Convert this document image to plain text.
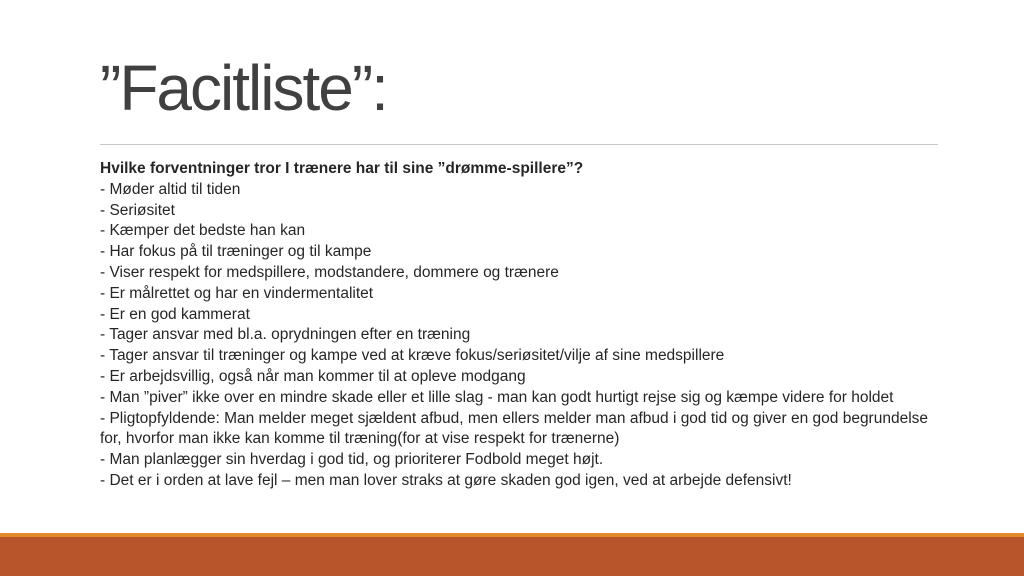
”Facitliste”:
Hvilke forventninger tror I trænere har til sine ”drømme-spillere”?
- Møder altid til tiden
- Seriøsitet
- Kæmper det bedste han kan
- Har fokus på til træninger og til kampe
- Viser respekt for medspillere, modstandere, dommere og trænere
- Er målrettet og har en vindermentalitet
- Er en god kammerat
- Tager ansvar med bl.a. oprydningen efter en træning
- Tager ansvar til træninger og kampe ved at kræve fokus/seriøsitet/vilje af sine medspillere
- Er arbejdsvillig, også når man kommer til at opleve modgang
- Man ”piver” ikke over en mindre skade eller et lille slag - man kan godt hurtigt rejse sig og kæmpe videre for holdet
- Pligtopfyldende: Man melder meget sjældent afbud, men ellers melder man afbud i god tid og giver en god begrundelse for, hvorfor man ikke kan komme til træning(for at vise respekt for trænerne)
- Man planlægger sin hverdag i god tid, og prioriterer Fodbold meget højt.
- Det er i orden at lave fejl – men man lover straks at gøre skaden god igen, ved at arbejde defensivt!
